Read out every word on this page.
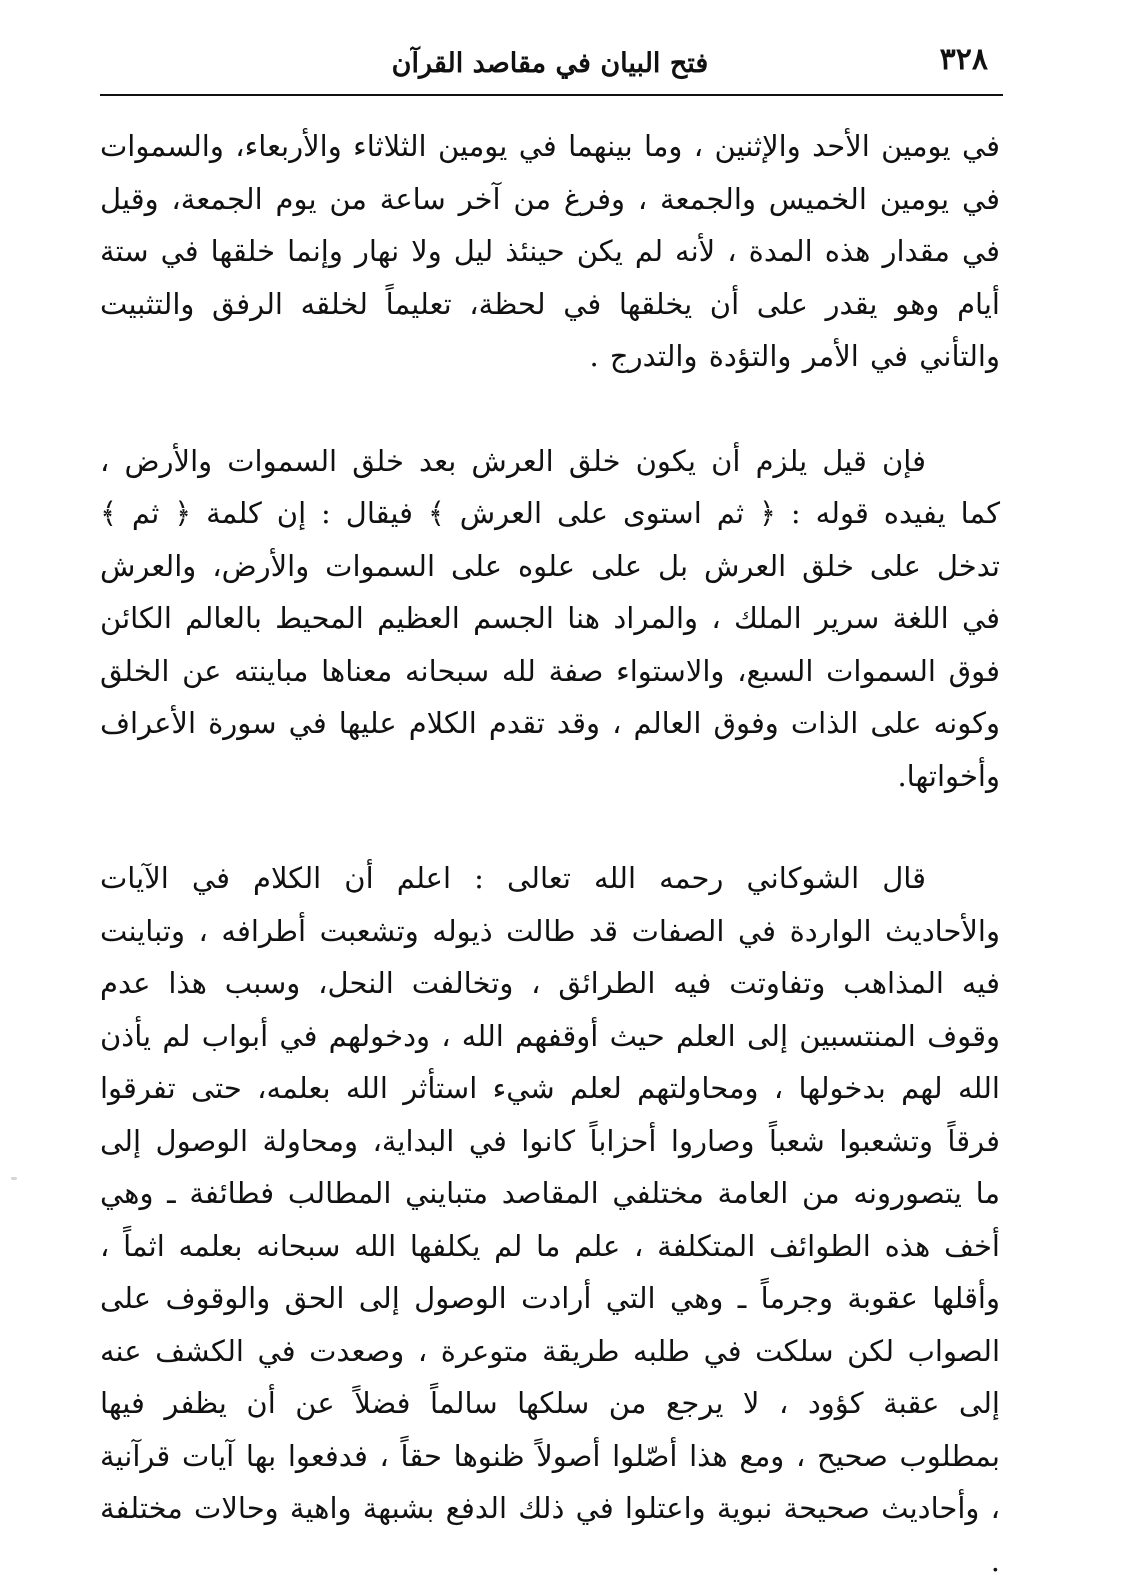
٣٢٨
فتح البيان في مقاصد القرآن

في يومين الأحد والإثنين ، وما بينهما في يومين الثلاثاء والأربعاء، والسموات في يومين الخميس والجمعة ، وفرغ من آخر ساعة من يوم الجمعة، وقيل في مقدار هذه المدة ، لأنه لم يكن حينئذ ليل ولا نهار وإنما خلقها في ستة أيام وهو يقدر على أن يخلقها في لحظة، تعليماً لخلقه الرفق والتثبيت والتأني في الأمر والتؤدة والتدرج .

فإن قيل يلزم أن يكون خلق العرش بعد خلق السموات والأرض ، كما يفيده قوله : ﴿ ثم استوى على العرش ﴾ فيقال : إن كلمة ﴿ ثم ﴾ تدخل على خلق العرش بل على علوه على السموات والأرض، والعرش في اللغة سرير الملك ، والمراد هنا الجسم العظيم المحيط بالعالم الكائن فوق السموات السبع، والاستواء صفة لله سبحانه معناها مباينته عن الخلق وكونه على الذات وفوق العالم ، وقد تقدم الكلام عليها في سورة الأعراف وأخواتها.

قال الشوكاني رحمه الله تعالى : اعلم أن الكلام في الآيات والأحاديث الواردة في الصفات قد طالت ذيوله وتشعبت أطرافه ، وتباينت فيه المذاهب وتفاوتت فيه الطرائق ، وتخالفت النحل، وسبب هذا عدم وقوف المنتسبين إلى العلم حيث أوقفهم الله ، ودخولهم في أبواب لم يأذن الله لهم بدخولها ، ومحاولتهم لعلم شيء استأثر الله بعلمه، حتى تفرقوا فرقاً وتشعبوا شعباً وصاروا أحزاباً كانوا في البداية، ومحاولة الوصول إلى ما يتصورونه من العامة مختلفي المقاصد متبايني المطالب فطائفة ـ وهي أخف هذه الطوائف المتكلفة ، علم ما لم يكلفها الله سبحانه بعلمه اثماً ، وأقلها عقوبة وجرماً ـ وهي التي أرادت الوصول إلى الحق والوقوف على الصواب لكن سلكت في طلبه طريقة متوعرة ، وصعدت في الكشف عنه إلى عقبة كؤود ، لا يرجع من سلكها سالماً فضلاً عن أن يظفر فيها بمطلوب صحيح ، ومع هذا أصّلوا أصولاً ظنوها حقاً ، فدفعوا بها آيات قرآنية ، وأحاديث صحيحة نبوية واعتلوا في ذلك الدفع بشبهة واهية وحالات مختلفة .
